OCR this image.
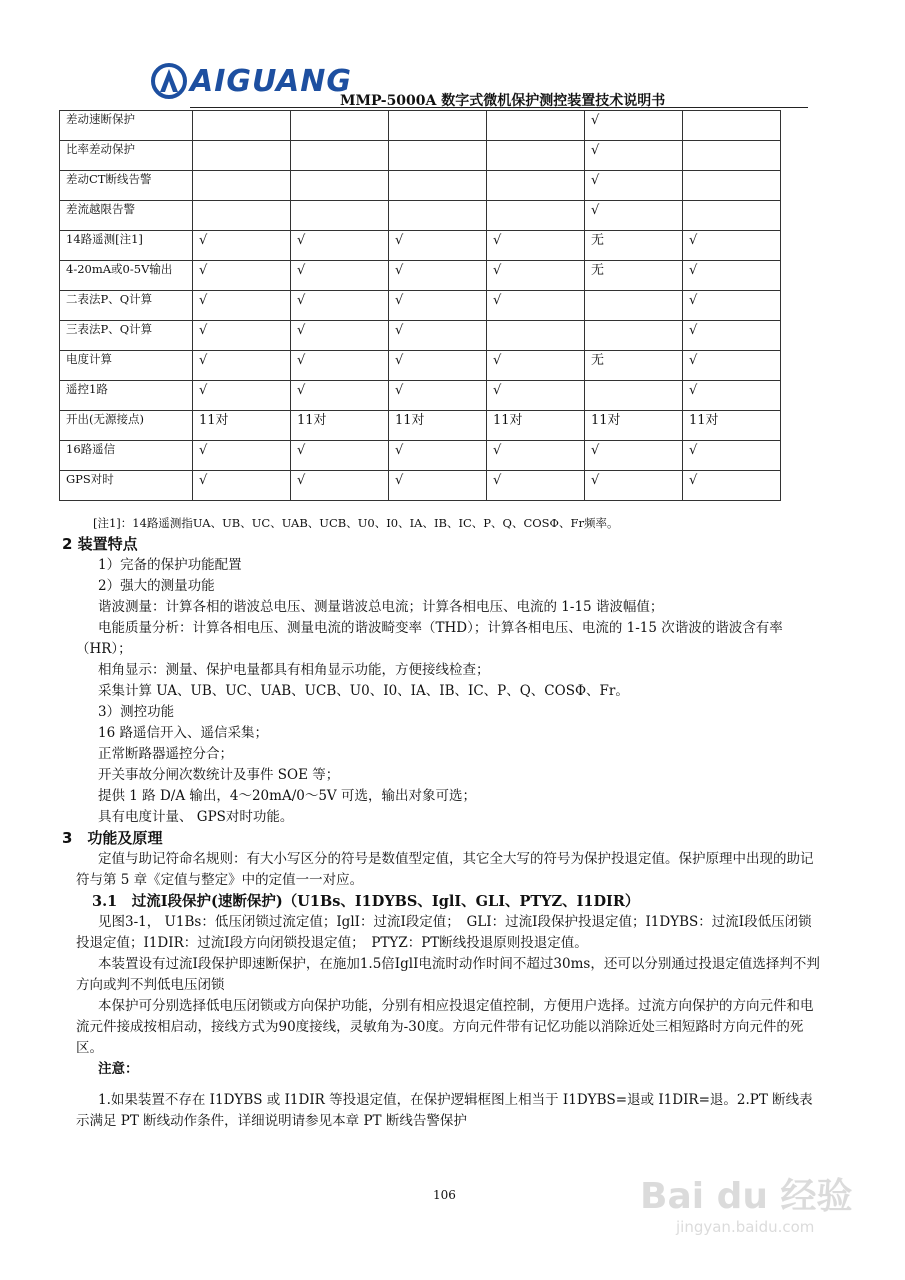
AIGUANG
MMP-5000A 数字式微机保护测控装置技术说明书
差动速断保护					√	
比率差动保护					√	
差动CT断线告警					√	
差流越限告警					√	
14路遥测[注1]	√	√	√	√	无	√
4-20mA或0-5V输出	√	√	√	√	无	√
二表法P、Q计算	√	√	√	√		√
三表法P、Q计算	√	√	√			√
电度计算	√	√	√	√	无	√
遥控1路	√	√	√	√		√
开出(无源接点)	11对	11对	11对	11对	11对	11对
16路遥信	√	√	√	√	√	√
GPS对时	√	√	√	√	√	√
[注1]：14路遥测指UA、UB、UC、UAB、UCB、U0、I0、IA、IB、IC、P、Q、COSΦ、Fr频率。

2 装置特点

1）完备的保护功能配置

2）强大的测量功能

谐波测量：计算各相的谐波总电压、测量谐波总电流；计算各相电压、电流的 1-15 谐波幅值；

电能质量分析：计算各相电压、测量电流的谐波畸变率（THD）；计算各相电压、电流的 1-15 次谐波的谐波含有率（HR）；

相角显示：测量、保护电量都具有相角显示功能，方便接线检查；

采集计算 UA、UB、UC、UAB、UCB、U0、I0、IA、IB、IC、P、Q、COSΦ、Fr。

3）测控功能

16 路遥信开入、遥信采集；

正常断路器遥控分合；

开关事故分闸次数统计及事件 SOE 等；

提供 1 路 D/A 输出，4～20mA/0～5V 可选，输出对象可选；

具有电度计量、 GPS对时功能。

3　功能及原理

定值与助记符命名规则：有大小写区分的符号是数值型定值，其它全大写的符号为保护投退定值。保护原理中出现的助记符与第 5 章《定值与整定》中的定值一一对应。

3.1　过流Ⅰ段保护(速断保护)（U1Bs、I1DYBS、IglI、GLI、PTYZ、I1DIR）

见图3-1， U1Bs：低压闭锁过流定值；IglI：过流Ⅰ段定值；　GLI：过流Ⅰ段保护投退定值；I1DYBS：过流Ⅰ段低压闭锁投退定值；I1DIR：过流Ⅰ段方向闭锁投退定值；　PTYZ：PT断线投退原则投退定值。

本装置设有过流Ⅰ段保护即速断保护，在施加1.5倍IglⅠ电流时动作时间不超过30ms，还可以分别通过投退定值选择判不判方向或判不判低电压闭锁

本保护可分别选择低电压闭锁或方向保护功能，分别有相应投退定值控制，方便用户选择。过流方向保护的方向元件和电流元件接成按相启动，接线方式为90度接线，灵敏角为-30度。方向元件带有记忆功能以消除近处三相短路时方向元件的死区。

注意：

1.如果装置不存在 I1DYBS 或 I1DIR 等投退定值，在保护逻辑框图上相当于 I1DYBS=退或 I1DIR=退。2.PT 断线表示满足 PT 断线动作条件，详细说明请参见本章 PT 断线告警保护

106	Bai du 经验
jingyan.baidu.com
